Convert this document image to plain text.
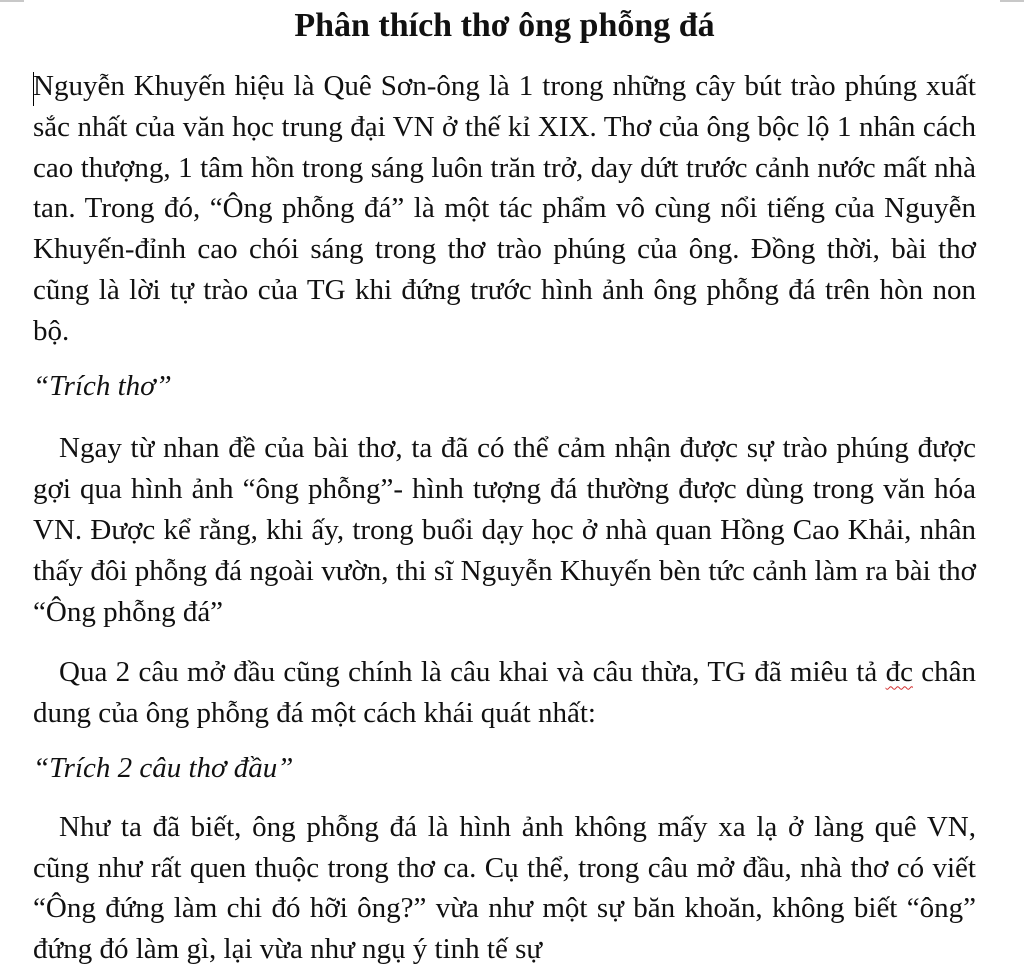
Phân thích thơ ông phỗng đá

Nguyễn Khuyến hiệu là Quê Sơn-ông là 1 trong những cây bút trào phúng xuất sắc nhất của văn học trung đại VN ở thế kỉ XIX. Thơ của ông bộc lộ 1 nhân cách cao thượng, 1 tâm hồn trong sáng luôn trăn trở, day dứt trước cảnh nước mất nhà tan. Trong đó, “Ông phỗng đá” là một tác phẩm vô cùng nổi tiếng của Nguyễn Khuyến-đỉnh cao chói sáng trong thơ trào phúng của ông. Đồng thời, bài thơ cũng là lời tự trào của TG khi đứng trước hình ảnh ông phỗng đá trên hòn non bộ.

“Trích thơ”

Ngay từ nhan đề của bài thơ, ta đã có thể cảm nhận được sự trào phúng được gợi qua hình ảnh “ông phỗng”- hình tượng đá thường được dùng trong văn hóa VN. Được kể rằng, khi ấy, trong buổi dạy học ở nhà quan Hồng Cao Khải, nhân thấy đôi phỗng đá ngoài vườn, thi sĩ Nguyễn Khuyến bèn tức cảnh làm ra bài thơ “Ông phỗng đá”

Qua 2 câu mở đầu cũng chính là câu khai và câu thừa, TG đã miêu tả đc chân dung của ông phỗng đá một cách khái quát nhất:

“Trích 2 câu thơ đầu”

Như ta đã biết, ông phỗng đá là hình ảnh không mấy xa lạ ở làng quê VN, cũng như rất quen thuộc trong thơ ca. Cụ thể, trong câu mở đầu, nhà thơ có viết “Ông đứng làm chi đó hỡi ông?” vừa như một sự băn khoăn, không biết “ông” đứng đó làm gì, lại vừa như ngụ ý tinh tế sự
